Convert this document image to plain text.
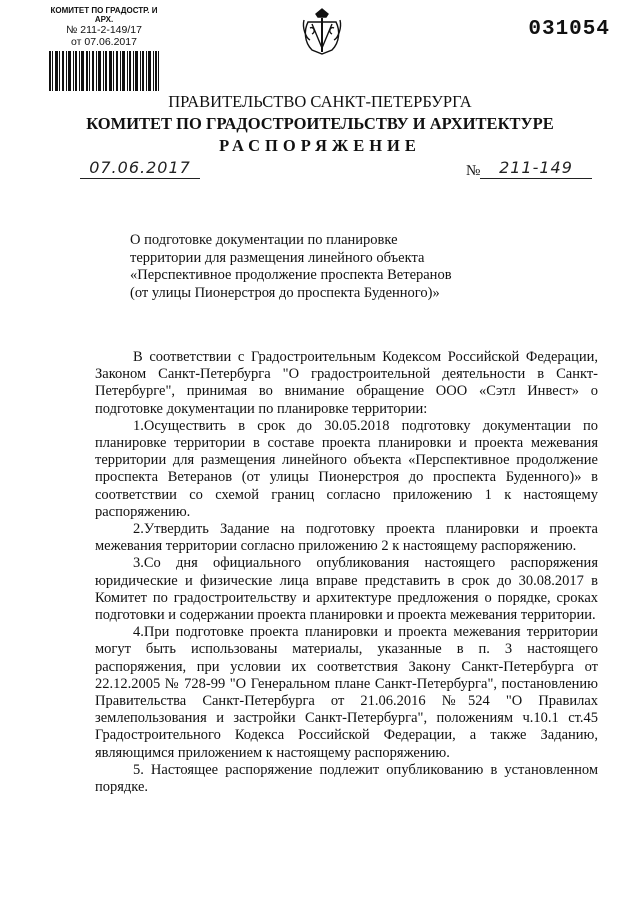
КОМИТЕТ ПО ГРАДОСТР. И АРХ.
№ 211-2-149/17
от 07.06.2017
031054
ПРАВИТЕЛЬСТВО САНКТ-ПЕТЕРБУРГА
КОМИТЕТ ПО ГРАДОСТРОИТЕЛЬСТВУ И АРХИТЕКТУРЕ
РАСПОРЯЖЕНИЕ
07.06.2017	№	211-149
О подготовке документации по планировке
территории для размещения линейного объекта
«Перспективное продолжение проспекта Ветеранов
(от улицы Пионерстроя до проспекта Буденного)»

В соответствии с Градостроительным Кодексом Российской Федерации, Законом Санкт-Петербурга "О градостроительной деятельности в Санкт-Петербурге", принимая во внимание обращение ООО «Сэтл Инвест» о подготовке документации по планировке территории:

1.Осуществить в срок до 30.05.2018 подготовку документации по планировке территории в составе проекта планировки и проекта межевания территории для размещения линейного объекта «Перспективное продолжение проспекта Ветеранов (от улицы Пионерстроя до проспекта Буденного)» в соответствии со схемой границ согласно приложению 1 к настоящему распоряжению.

2.Утвердить Задание на подготовку проекта планировки и проекта межевания территории согласно приложению 2 к настоящему распоряжению.

3.Со дня официального опубликования настоящего распоряжения юридические и физические лица вправе представить в срок до 30.08.2017 в Комитет по градостроительству и архитектуре предложения о порядке, сроках подготовки и содержании проекта планировки и проекта межевания территории.

4.При подготовке проекта планировки и проекта межевания территории могут быть использованы материалы, указанные в п. 3 настоящего распоряжения, при условии их соответствия Закону Санкт-Петербурга от 22.12.2005 № 728-99 "О Генеральном плане Санкт-Петербурга", постановлению Правительства Санкт-Петербурга от 21.06.2016 №524 "О Правилах землепользования и застройки Санкт-Петербурга", положениям ч.10.1 ст.45 Градостроительного Кодекса Российской Федерации, а также Заданию, являющимся приложением к настоящему распоряжению.

5. Настоящее распоряжение подлежит опубликованию в установленном порядке.
